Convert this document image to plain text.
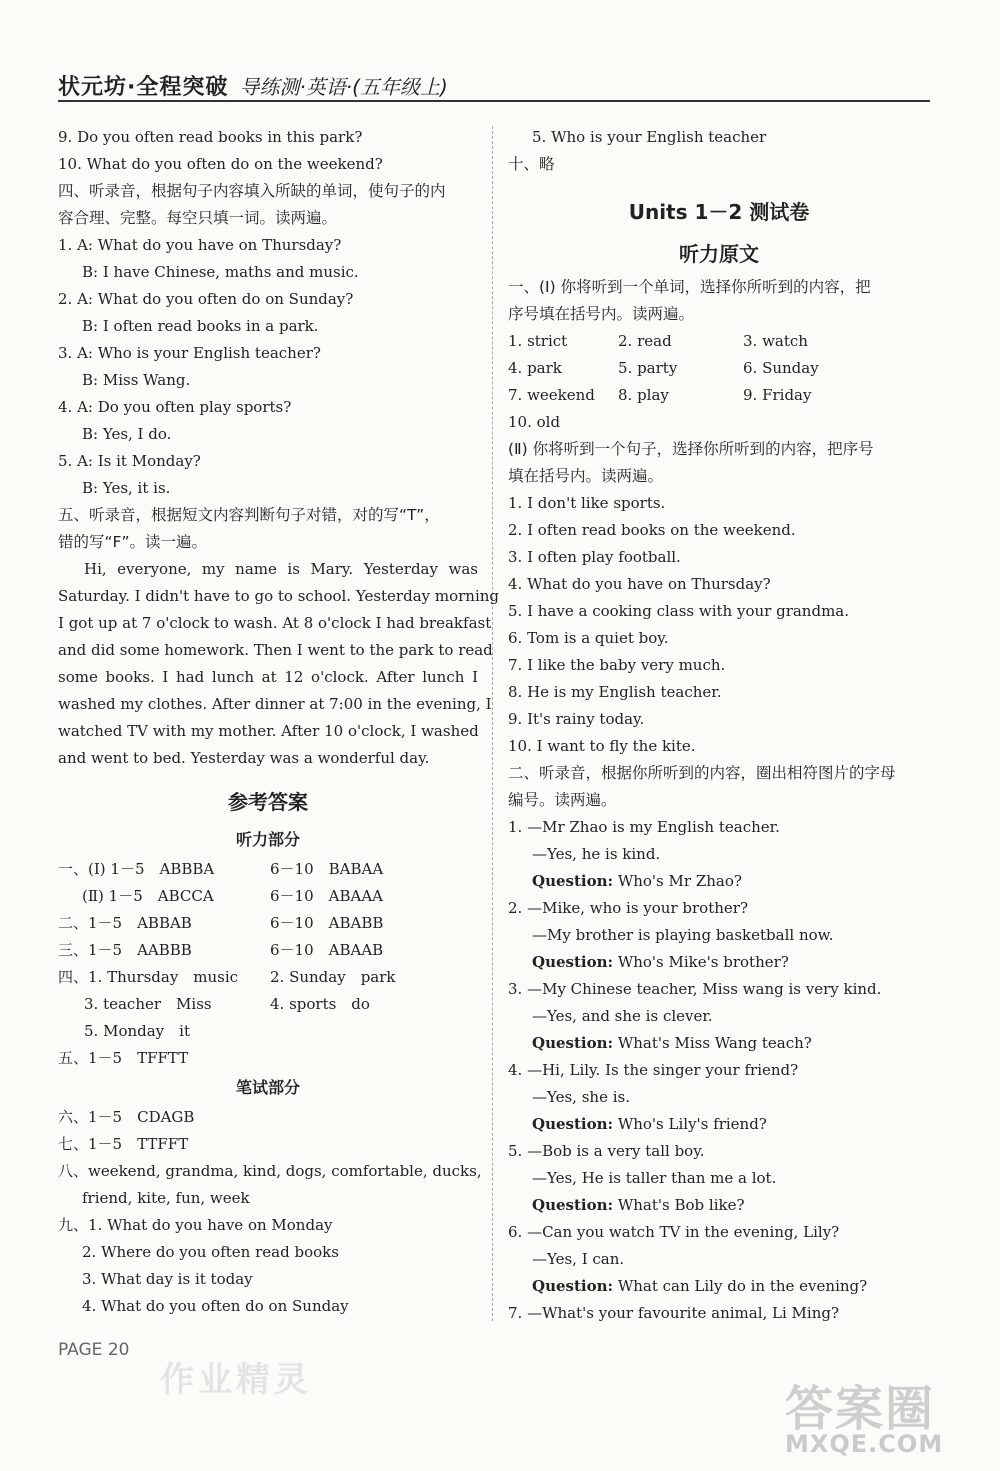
状元坊·全程突破 导练测·英语·(五年级上)
9. Do you often read books in this park?
10. What do you often do on the weekend?
四、听录音，根据句子内容填入所缺的单词，使句子的内
容合理、完整。每空只填一词。读两遍。
1. A: What do you have on Thursday?
B: I have Chinese, maths and music.
2. A: What do you often do on Sunday?
B: I often read books in a park.
3. A: Who is your English teacher?
B: Miss Wang.
4. A: Do you often play sports?
B: Yes, I do.
5. A: Is it Monday?
B: Yes, it is.
五、听录音，根据短文内容判断句子对错，对的写“T”，
错的写“F”。读一遍。
Hi, everyone, my name is Mary. Yesterday was
Saturday. I didn't have to go to school. Yesterday morning
I got up at 7 o'clock to wash. At 8 o'clock I had breakfast
and did some homework. Then I went to the park to read
some books. I had lunch at 12 o'clock. After lunch I
washed my clothes. After dinner at 7:00 in the evening, I
watched TV with my mother. After 10 o'clock, I washed
and went to bed. Yesterday was a wonderful day.
参考答案
听力部分
一、(Ⅰ) 1－5　ABBBA	6－10　BABAA
(Ⅱ) 1－5　ABCCA	6－10　ABAAA
二、1－5　ABBAB	6－10　ABABB
三、1－5　AABBB	6－10　ABAAB
四、1. Thursday　music 2. Sunday　park
3. teacher　Miss	4. sports　do
5. Monday　it
五、1－5　TFFTT
笔试部分
六、1－5　CDAGB
七、1－5　TTFFT
八、weekend, grandma, kind, dogs, comfortable, ducks,
friend, kite, fun, week
九、1. What do you have on Monday
2. Where do you often read books
3. What day is it today
4. What do you often do on Sunday
5. Who is your English teacher
十、略
Units 1－2 测试卷
听力原文
一、(Ⅰ) 你将听到一个单词，选择你所听到的内容，把
序号填在括号内。读两遍。
1. strict	2. read	3. watch
4. park	5. party	6. Sunday
7. weekend	8. play	9. Friday
10. old
(Ⅱ) 你将听到一个句子，选择你所听到的内容，把序号
填在括号内。读两遍。
1. I don't like sports.
2. I often read books on the weekend.
3. I often play football.
4. What do you have on Thursday?
5. I have a cooking class with your grandma.
6. Tom is a quiet boy.
7. I like the baby very much.
8. He is my English teacher.
9. It's rainy today.
10. I want to fly the kite.
二、听录音，根据你所听到的内容，圈出相符图片的字母
编号。读两遍。
1. —Mr Zhao is my English teacher.
—Yes, he is kind.
Question: Who's Mr Zhao?
2. —Mike, who is your brother?
—My brother is playing basketball now.
Question: Who's Mike's brother?
3. —My Chinese teacher, Miss wang is very kind.
—Yes, and she is clever.
Question: What's Miss Wang teach?
4. —Hi, Lily. Is the singer your friend?
—Yes, she is.
Question: Who's Lily's friend?
5. —Bob is a very tall boy.
—Yes, He is taller than me a lot.
Question: What's Bob like?
6. —Can you watch TV in the evening, Lily?
—Yes, I can.
Question: What can Lily do in the evening?
7. —What's your favourite animal, Li Ming?
PAGE 20
作业精灵
答案圈
MXQE.COM
